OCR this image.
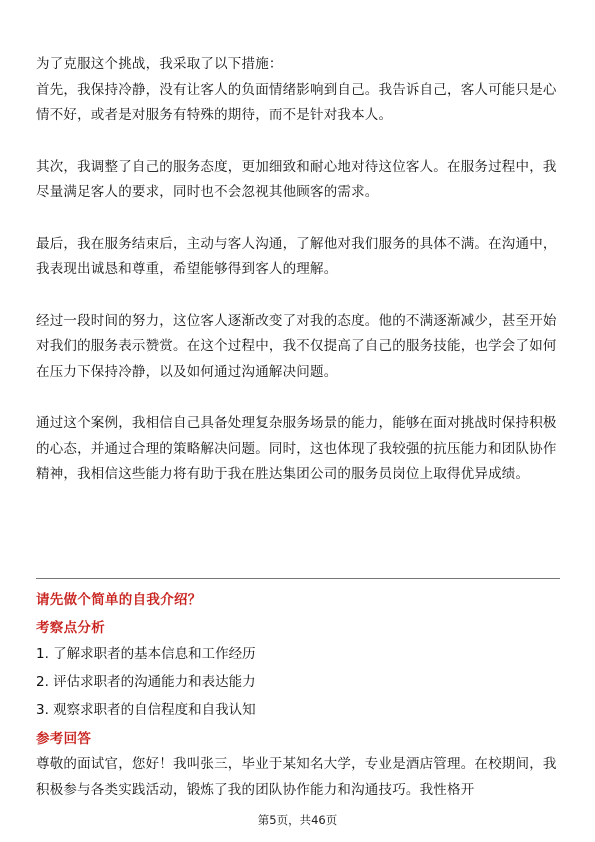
为了克服这个挑战，我采取了以下措施：

首先，我保持冷静，没有让客人的负面情绪影响到自己。我告诉自己，客人可能只是心情不好，或者是对服务有特殊的期待，而不是针对我本人。

其次，我调整了自己的服务态度，更加细致和耐心地对待这位客人。在服务过程中，我尽量满足客人的要求，同时也不会忽视其他顾客的需求。

最后，我在服务结束后，主动与客人沟通，了解他对我们服务的具体不满。在沟通中，我表现出诚恳和尊重，希望能够得到客人的理解。

经过一段时间的努力，这位客人逐渐改变了对我的态度。他的不满逐渐减少，甚至开始对我们的服务表示赞赏。在这个过程中，我不仅提高了自己的服务技能，也学会了如何在压力下保持冷静，以及如何通过沟通解决问题。

通过这个案例，我相信自己具备处理复杂服务场景的能力，能够在面对挑战时保持积极的心态，并通过合理的策略解决问题。同时，这也体现了我较强的抗压能力和团队协作精神，我相信这些能力将有助于我在胜达集团公司的服务员岗位上取得优异成绩。

请先做个简单的自我介绍？

考察点分析

1. 了解求职者的基本信息和工作经历

2. 评估求职者的沟通能力和表达能力

3. 观察求职者的自信程度和自我认知

参考回答

尊敬的面试官，您好！我叫张三，毕业于某知名大学，专业是酒店管理。在校期间，我积极参与各类实践活动，锻炼了我的团队协作能力和沟通技巧。我性格开

第5页，共46页
